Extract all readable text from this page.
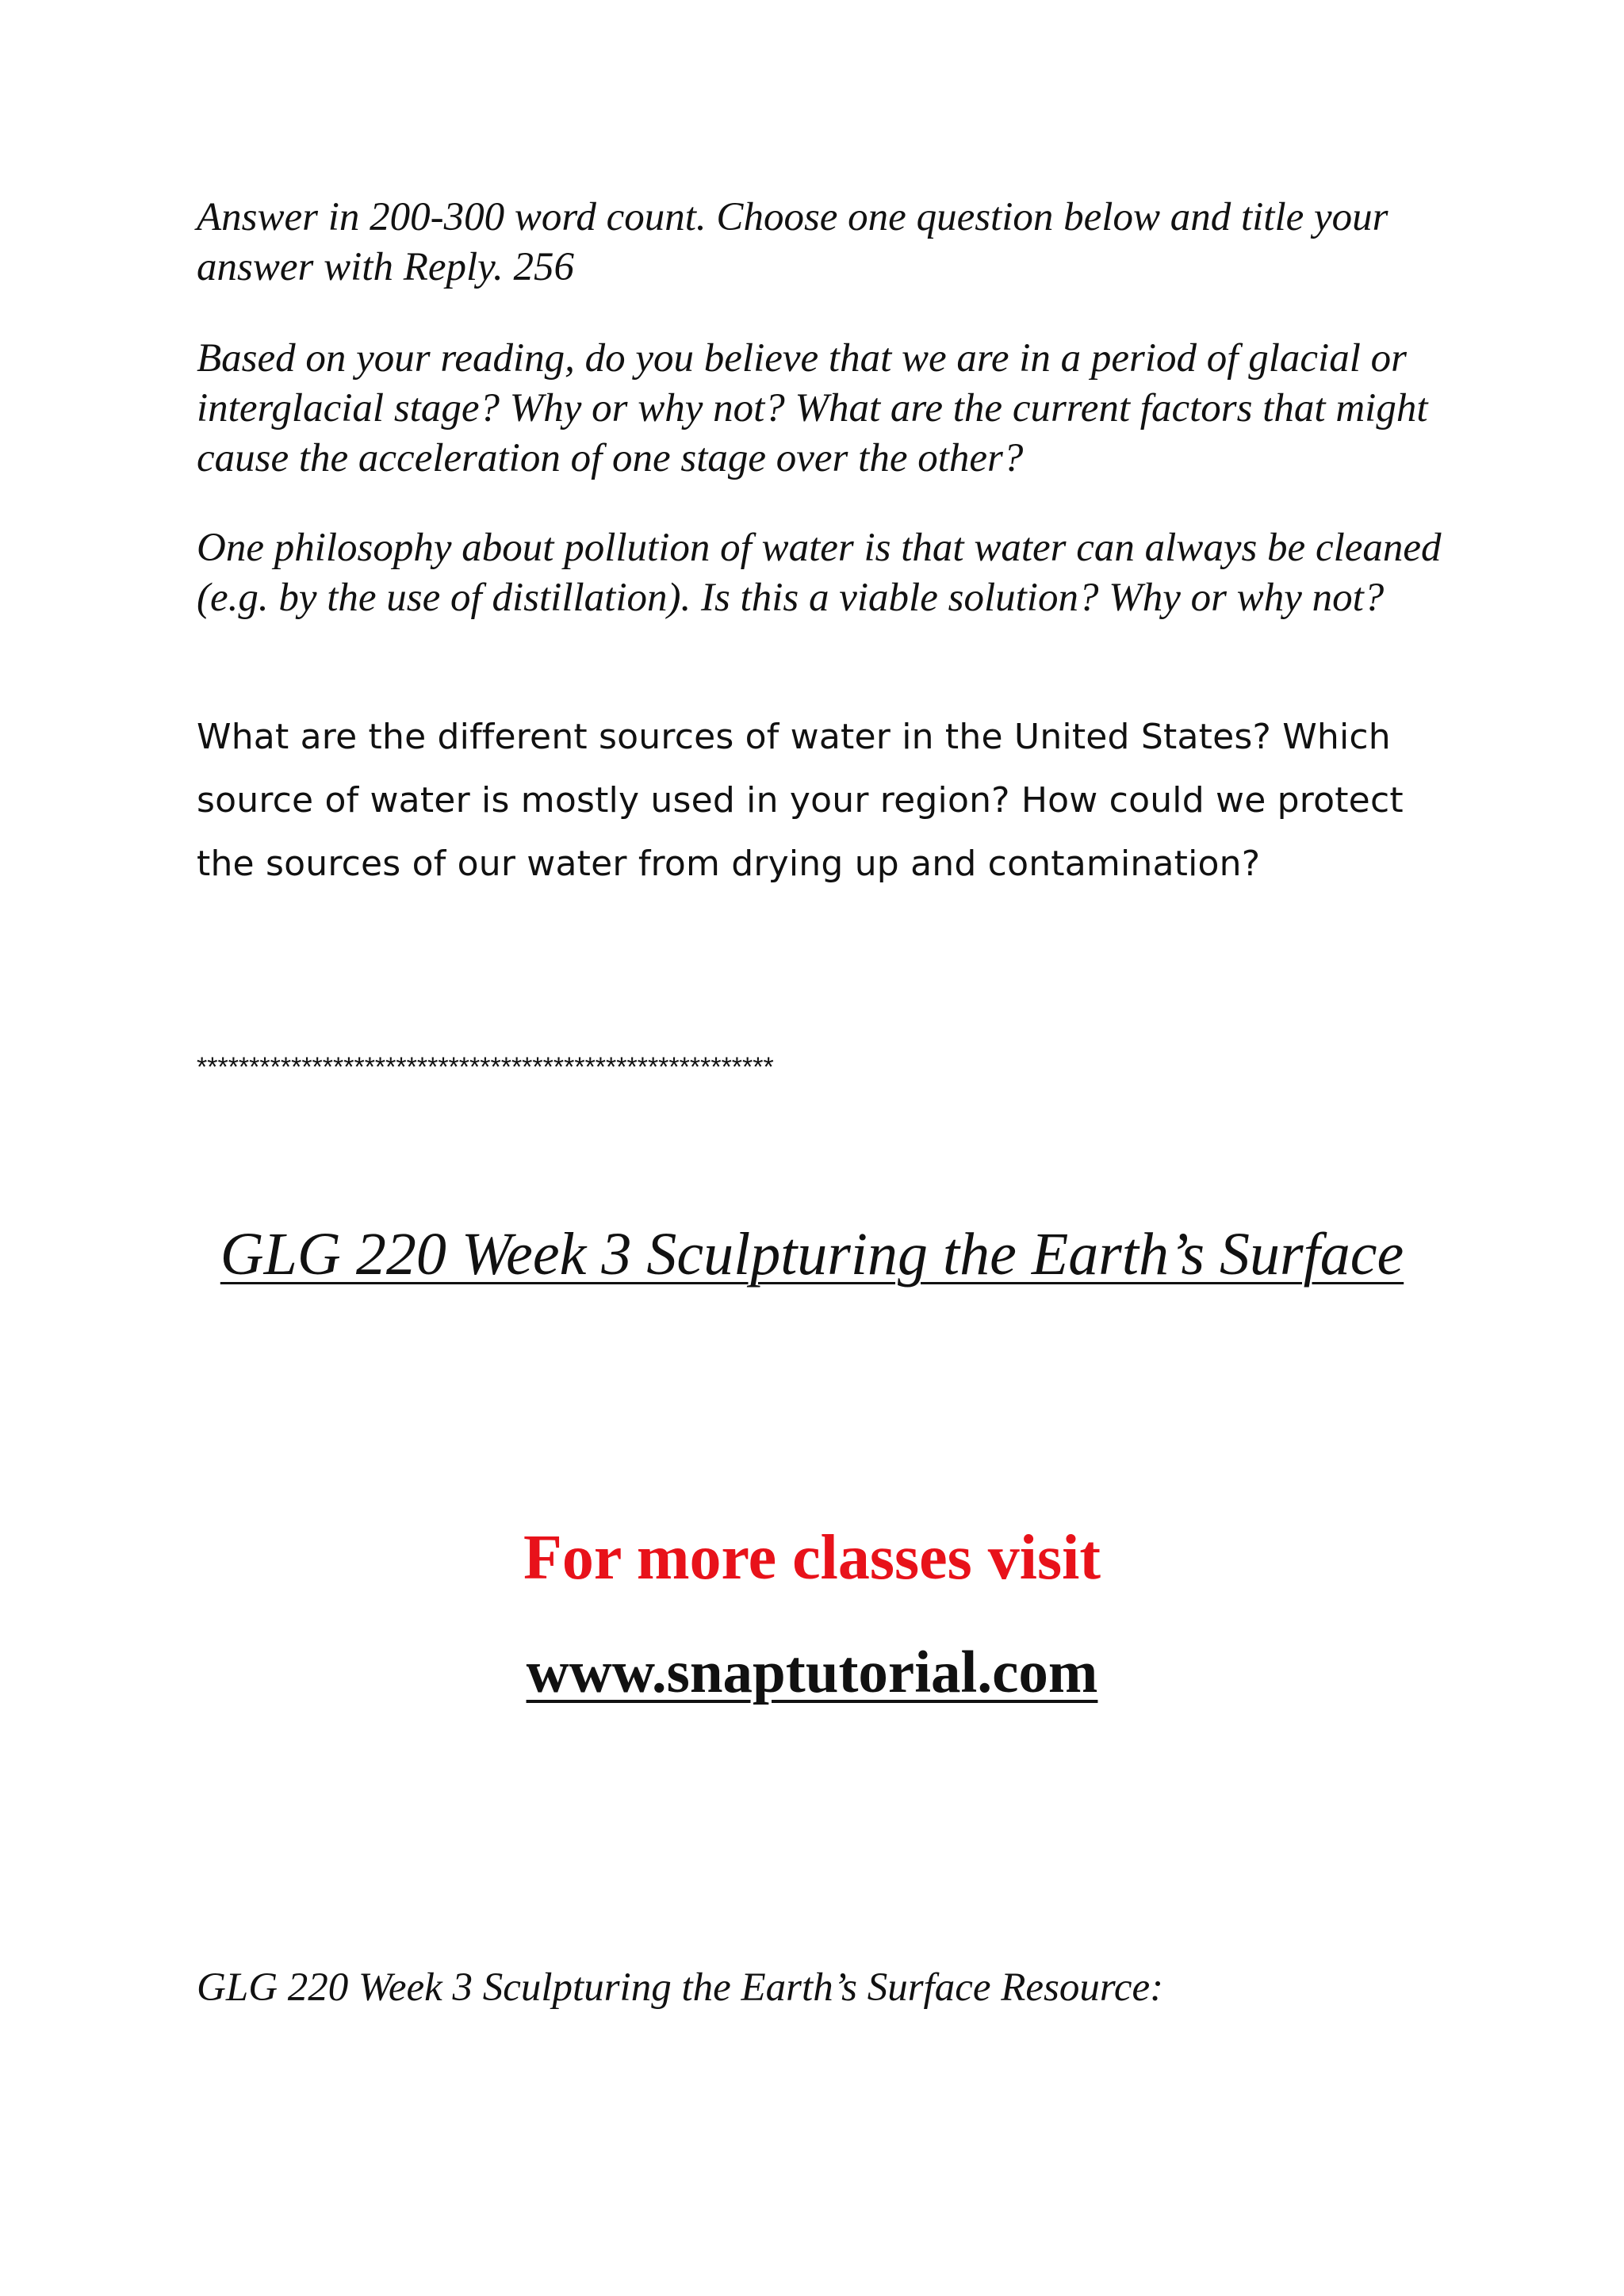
Answer in 200-300 word count. Choose one question below and title your answer with Reply. 256

Based on your reading, do you believe that we are in a period of glacial or interglacial stage? Why or why not? What are the current factors that might cause the acceleration of one stage over the other?

One philosophy about pollution of water is that water can always be cleaned (e.g. by the use of distillation). Is this a viable solution? Why or why not?

What are the different sources of water in the United States? Which source of water is mostly used in your region? How could we protect the sources of our water from drying up and contamination?

*******************************************************

GLG 220 Week 3 Sculpturing the Earth’s Surface

For more classes visit

www.snaptutorial.com

GLG 220 Week 3 Sculpturing the Earth’s Surface Resource:
